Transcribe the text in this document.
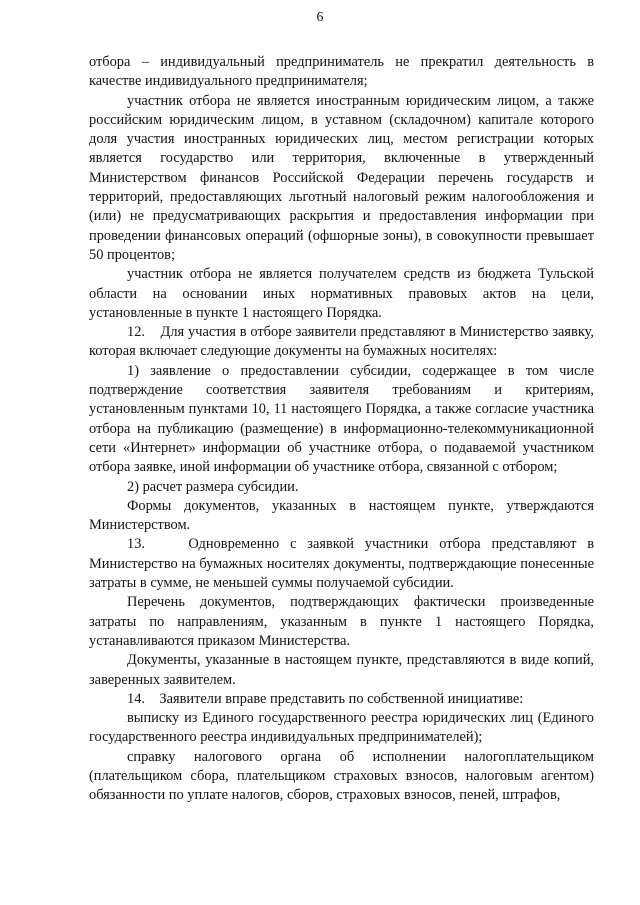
6

отбора – индивидуальный предприниматель не прекратил деятельность в качестве индивидуального предпринимателя;

участник отбора не является иностранным юридическим лицом, а также российским юридическим лицом, в уставном (складочном) капитале которого доля участия иностранных юридических лиц, местом регистрации которых является государство или территория, включенные в утвержденный Министерством финансов Российской Федерации перечень государств и территорий, предоставляющих льготный налоговый режим налогообложения и (или) не предусматривающих раскрытия и предоставления информации при проведении финансовых операций (офшорные зоны), в совокупности превышает 50 процентов;

участник отбора не является получателем средств из бюджета Тульской области на основании иных нормативных правовых актов на цели, установленные в пункте 1 настоящего Порядка.

12.    Для участия в отборе заявители представляют в Министерство заявку, которая включает следующие документы на бумажных носителях:

1) заявление о предоставлении субсидии, содержащее в том числе подтверждение соответствия заявителя требованиям и критериям, установленным пунктами 10, 11 настоящего Порядка, а также согласие участника отбора на публикацию (размещение) в информационно-телекоммуникационной сети «Интернет» информации об участнике отбора, о подаваемой участником отбора заявке, иной информации об участнике отбора, связанной с отбором;

2) расчет размера субсидии.

Формы документов, указанных в настоящем пункте, утверждаются Министерством.

13.    Одновременно с заявкой участники отбора представляют в Министерство на бумажных носителях документы, подтверждающие понесенные затраты в сумме, не меньшей суммы получаемой субсидии.

Перечень документов, подтверждающих фактически произведенные затраты по направлениям, указанным в пункте 1 настоящего Порядка, устанавливаются приказом Министерства.

Документы, указанные в настоящем пункте, представляются в виде копий, заверенных заявителем.

14.    Заявители вправе представить по собственной инициативе:

выписку из Единого государственного реестра юридических лиц (Единого государственного реестра индивидуальных предпринимателей);

справку налогового органа об исполнении налогоплательщиком (плательщиком сбора, плательщиком страховых взносов, налоговым агентом) обязанности по уплате налогов, сборов, страховых взносов, пеней, штрафов,
